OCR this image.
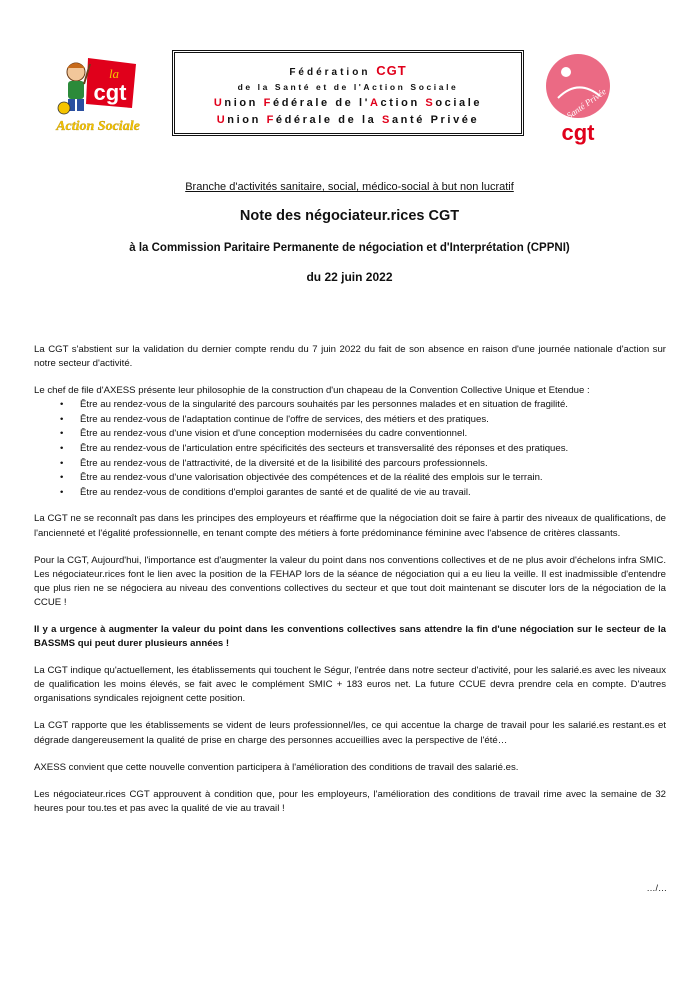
la
cgt
Action Sociale
Fédération CGT
de la Santé et de l'Action Sociale
Union Fédérale de l'Action Sociale
Union Fédérale de la Santé Privée	Santé Privée
cgt
Branche d'activités sanitaire, social, médico-social à but non lucratif
Note des négociateur.rices CGT
à la Commission Paritaire Permanente de négociation et d'Interprétation (CPPNI)
du 22 juin 2022

La CGT s'abstient sur la validation du dernier compte rendu du 7 juin 2022 du fait de son absence en raison d'une journée nationale d'action sur notre secteur d'activité.

Le chef de file d'AXESS présente leur philosophie de la construction d'un chapeau de la Convention Collective Unique et Etendue :

• Être au rendez-vous de la singularité des parcours souhaités par les personnes malades et en situation de fragilité.
• Être au rendez-vous de l'adaptation continue de l'offre de services, des métiers et des pratiques.
• Être au rendez-vous d'une vision et d'une conception modernisées du cadre conventionnel.
• Être au rendez-vous de l'articulation entre spécificités des secteurs et transversalité des réponses et des pratiques.
• Être au rendez-vous de l'attractivité, de la diversité et de la lisibilité des parcours professionnels.
• Être au rendez-vous d'une valorisation objectivée des compétences et de la réalité des emplois sur le terrain.
• Être au rendez-vous de conditions d'emploi garantes de santé et de qualité de vie au travail.

La CGT ne se reconnaît pas dans les principes des employeurs et réaffirme que la négociation doit se faire à partir des niveaux de qualifications, de l'ancienneté et l'égalité professionnelle, en tenant compte des métiers à forte prédominance féminine avec l'absence de critères classants.

Pour la CGT, Aujourd'hui, l'importance est d'augmenter la valeur du point dans nos conventions collectives et de ne plus avoir d'échelons infra SMIC. Les négociateur.rices font le lien avec la position de la FEHAP lors de la séance de négociation qui a eu lieu la veille. Il est inadmissible d'entendre que plus rien ne se négociera au niveau des conventions collectives du secteur et que tout doit maintenant se discuter lors de la négociation de la CCUE !

Il y a urgence à augmenter la valeur du point dans les conventions collectives sans attendre la fin d'une négociation sur le secteur de la BASSMS qui peut durer plusieurs années !

La CGT indique qu'actuellement, les établissements qui touchent le Ségur, l'entrée dans notre secteur d'activité, pour les salarié.es avec les niveaux de qualification les moins élevés, se fait avec le complément SMIC + 183 euros net. La future CCUE devra prendre cela en compte. D'autres organisations syndicales rejoignent cette position.

La CGT rapporte que les établissements se vident de leurs professionnel/les, ce qui accentue la charge de travail pour les salarié.es restant.es et dégrade dangereusement la qualité de prise en charge des personnes accueillies avec la perspective de l'été…

AXESS convient que cette nouvelle convention participera à l'amélioration des conditions de travail des salarié.es.

Les négociateur.rices CGT approuvent à condition que, pour les employeurs, l'amélioration des conditions de travail rime avec la semaine de 32 heures pour tou.tes et pas avec la qualité de vie au travail !

…/…
